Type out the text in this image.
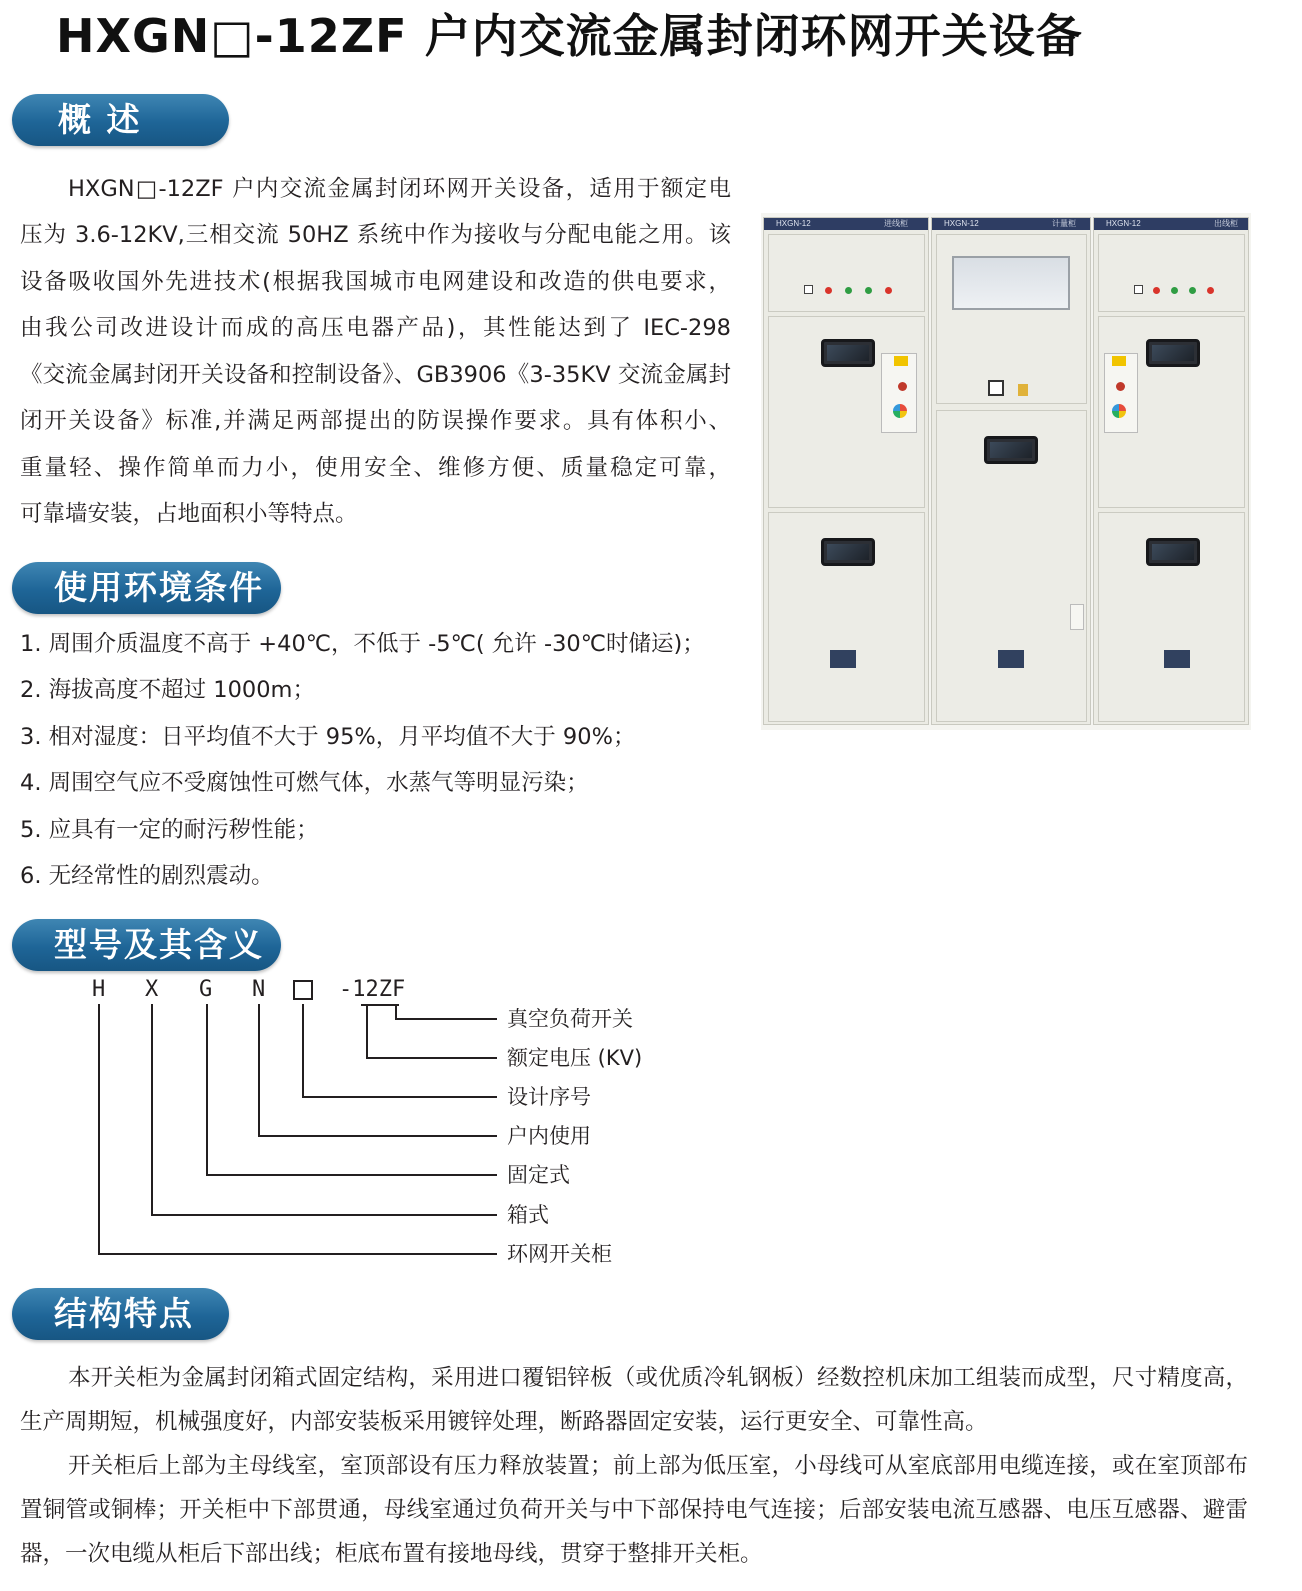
HXGN□-12ZF 户内交流金属封闭环网开关设备
概 述
HXGN□-12ZF 户内交流金属封闭环网开关设备，适用于额定电
压为 3.6-12KV,三相交流 50HZ 系统中作为接收与分配电能之用。该
设备吸收国外先进技术(根据我国城市电网建设和改造的供电要求，
由我公司改进设计而成的高压电器产品)，其性能达到了 IEC-298
《交流金属封闭开关设备和控制设备》、GB3906《3-35KV 交流金属封
闭开关设备》标准,并满足两部提出的防误操作要求。具有体积小、
重量轻、操作简单而力小，使用安全、维修方便、质量稳定可靠，
可靠墙安装，占地面积小等特点。
HXGN-12	进线柜	HXGN-12	计量柜	HXGN-12	出线柜
使用环境条件
1. 周围介质温度不高于 +40℃，不低于 -5℃( 允许 -30℃时储运)；
2. 海拔高度不超过 1000m；
3. 相对湿度：日平均值不大于 95%，月平均值不大于 90%；
4. 周围空气应不受腐蚀性可燃气体，水蒸气等明显污染；
5. 应具有一定的耐污秽性能；
6. 无经常性的剧烈震动。
型号及其含义
H X G N	-12ZF
真空负荷开关
额定电压 (KV)
设计序号
户内使用
固定式
箱式
环网开关柜
结构特点
本开关柜为金属封闭箱式固定结构，采用进口覆铝锌板（或优质冷轧钢板）经数控机床加工组装而成型，尺寸精度高，生产周期短，机械强度好，内部安装板采用镀锌处理，断路器固定安装，运行更安全、可靠性高。
开关柜后上部为主母线室，室顶部设有压力释放装置；前上部为低压室，小母线可从室底部用电缆连接，或在室顶部布置铜管或铜棒；开关柜中下部贯通，母线室通过负荷开关与中下部保持电气连接；后部安装电流互感器、电压互感器、避雷器，一次电缆从柜后下部出线；柜底布置有接地母线，贯穿于整排开关柜。
